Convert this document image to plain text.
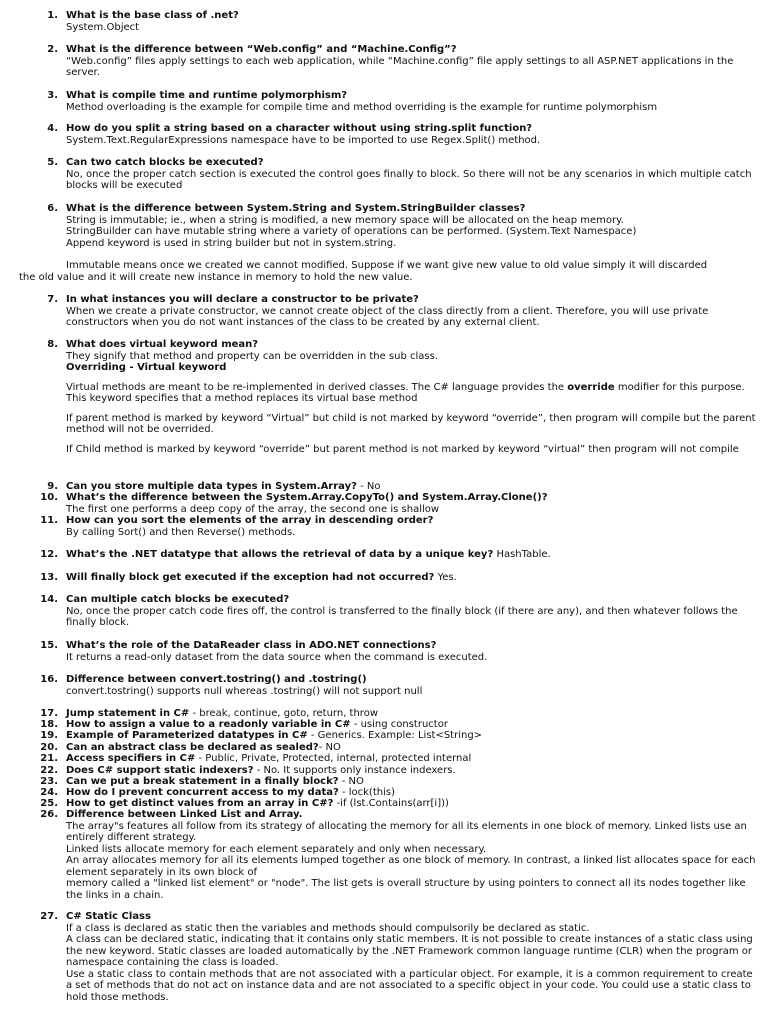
1. What is the base class of .net?
System.Object
2. What is the difference between “Web.config” and “Machine.Config”?
“Web.config” files apply settings to each web application, while “Machine.config” file apply settings to all ASP.NET applications in the server.
3. What is compile time and runtime polymorphism?
Method overloading is the example for compile time and method overriding is the example for runtime polymorphism
4. How do you split a string based on a character without using string.split function?
System.Text.RegularExpressions namespace have to be imported to use Regex.Split() method.
5. Can two catch blocks be executed?
No, once the proper catch section is executed the control goes finally to block. So there will not be any scenarios in which multiple catch blocks will be executed
6. What is the difference between System.String and System.StringBuilder classes?
String is immutable; ie., when a string is modified, a new memory space will be allocated on the heap memory.
StringBuilder can have mutable string where a variety of operations can be performed. (System.Text Namespace)
Append keyword is used in string builder but not in system.string.
Immutable means once we created we cannot modified. Suppose if we want give new value to old value simply it will discarded
the old value and it will create new instance in memory to hold the new value.
7. In what instances you will declare a constructor to be private?
When we create a private constructor, we cannot create object of the class directly from a client. Therefore, you will use private constructors when you do not want instances of the class to be created by any external client.
8. What does virtual keyword mean?
They signify that method and property can be overridden in the sub class.
Overriding - Virtual keyword
Virtual methods are meant to be re-implemented in derived classes. The C# language provides the override modifier for this purpose. This keyword specifies that a method replaces its virtual base method
If parent method is marked by keyword “Virtual” but child is not marked by keyword “override”, then program will compile but the parent method will not be overrided.
If Child method is marked by keyword “override” but parent method is not marked by keyword “virtual” then program will not compile
9. Can you store multiple data types in System.Array? - No
10. What’s the difference between the System.Array.CopyTo() and System.Array.Clone()?
The first one performs a deep copy of the array, the second one is shallow
11. How can you sort the elements of the array in descending order?
By calling Sort() and then Reverse() methods.
12. What’s the .NET datatype that allows the retrieval of data by a unique key? HashTable.
13. Will finally block get executed if the exception had not occurred? Yes.
14. Can multiple catch blocks be executed?
No, once the proper catch code fires off, the control is transferred to the finally block (if there are any), and then whatever follows the finally block.
15. What’s the role of the DataReader class in ADO.NET connections?
It returns a read-only dataset from the data source when the command is executed.
16. Difference between convert.tostring() and .tostring()
convert.tostring() supports null whereas .tostring() will not support null
17. Jump statement in C# - break, continue, goto, return, throw
18. How to assign a value to a readonly variable in C# - using constructor
19. Example of Parameterized datatypes in C# - Generics. Example: List<String>
20. Can an abstract class be declared as sealed?- NO
21. Access specifiers in C# - Public, Private, Protected, internal, protected internal
22. Does C# support static indexers? - No. It supports only instance indexers.
23. Can we put a break statement in a finally block? - NO
24. How do I prevent concurrent access to my data? - lock(this)
25. How to get distinct values from an array in C#? -if (lst.Contains(arr[i]))
26. Difference between Linked List and Array.
The array"s features all follow from its strategy of allocating the memory for all its elements in one block of memory. Linked lists use an entirely different strategy.
Linked lists allocate memory for each element separately and only when necessary.
An array allocates memory for all its elements lumped together as one block of memory. In contrast, a linked list allocates space for each element separately in its own block of
memory called a "linked list element" or "node". The list gets is overall structure by using pointers to connect all its nodes together like the links in a chain.
27. C# Static Class
If a class is declared as static then the variables and methods should compulsorily be declared as static.
A class can be declared static, indicating that it contains only static members. It is not possible to create instances of a static class using the new keyword. Static classes are loaded automatically by the .NET Framework common language runtime (CLR) when the program or namespace containing the class is loaded.
Use a static class to contain methods that are not associated with a particular object. For example, it is a common requirement to create a set of methods that do not act on instance data and are not associated to a specific object in your code. You could use a static class to hold those methods.
